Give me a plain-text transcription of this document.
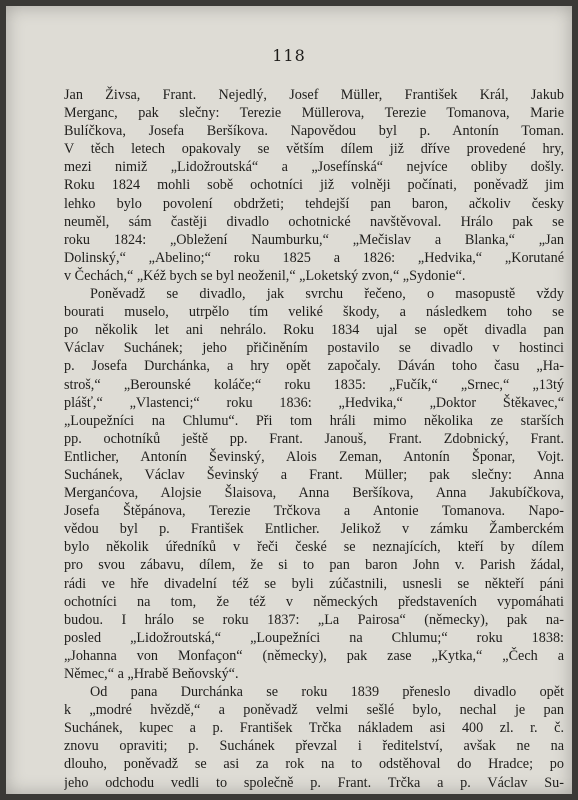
118
Jan Živsa, Frant. Nejedlý, Josef Müller, František Král, Jakub
Merganc, pak slečny: Terezie Müllerova, Terezie Tomanova, Marie
Bulíčkova, Josefa Beršíkova. Napovědou byl p. Antonín Toman.
V těch letech opakovaly se větším dílem již dříve provedené hry,
mezi nimiž „Lidožroutská“ a „Josefínská“ nejvíce obliby došly.
Roku 1824 mohli sobě ochotníci již volněji počínati, poněvadž jim
lehko bylo povolení obdržeti; tehdejší pan baron, ačkoliv česky
neuměl, sám častěji divadlo ochotnické navštěvoval. Hrálo pak se
roku 1824: „Obležení Naumburku,“ „Mečislav a Blanka,“ „Jan
Dolinský,“ „Abelino;“ roku 1825 a 1826: „Hedvika,“ „Korutané
v Čechách,“ „Kéž bych se byl neoženil,“ „Loketský zvon,“ „Sydonie“.
Poněvadž se divadlo, jak svrchu řečeno, o masopustě vždy
bourati muselo, utrpělo tím veliké škody, a následkem toho se
po několik let ani nehrálo. Roku 1834 ujal se opět divadla pan
Václav Suchánek; jeho přičiněním postavilo se divadlo v hostinci
p. Josefa Durchánka, a hry opět započaly. Dáván toho času „Ha-
stroš,“ „Berounské koláče;“ roku 1835: „Fučík,“ „Srnec,“ „13tý
plášť,“ „Vlastenci;“ roku 1836: „Hedvika,“ „Doktor Štěkavec,“
„Loupežníci na Chlumu“. Při tom hráli mimo několika ze starších
pp. ochotníků ještě pp. Frant. Janouš, Frant. Zdobnický, Frant.
Entlicher, Antonín Ševinský, Alois Zeman, Antonín Šponar, Vojt.
Suchánek, Václav Ševinský a Frant. Müller; pak slečny: Anna
Merganćova, Alojsie Šlaisova, Anna Beršíkova, Anna Jakubíčkova,
Josefa Štěpánova, Terezie Trčkova a Antonie Tomanova. Napo-
vědou byl p. František Entlicher. Jelikož v zámku Žamberckém
bylo několik úředníků v řeči české se neznajících, kteří by dílem
pro svou zábavu, dílem, že si to pan baron John v. Parish žádal,
rádi ve hře divadelní též se byli zúčastnili, usnesli se někteří páni
ochotníci na tom, že též v německých představeních vypomáhati
budou. I hrálo se roku 1837: „La Pairosa“ (německy), pak na-
posled „Lidožroutská,“ „Loupežníci na Chlumu;“ roku 1838:
„Johanna von Monfaçon“ (německy), pak zase „Kytka,“ „Čech a
Němec,“ a „Hrabě Beňovský“.
Od pana Durchánka se roku 1839 přeneslo divadlo opět
k „modré hvězdě,“ a poněvadž velmi sešlé bylo, nechal je pan
Suchánek, kupec a p. František Trčka nákladem asi 400 zl. r. č.
znovu opraviti; p. Suchánek převzal i ředitelství, avšak ne na
dlouho, poněvadž se asi za rok na to odstěhoval do Hradce; po
jeho odchodu vedli to společně p. Frant. Trčka a p. Václav Su-
